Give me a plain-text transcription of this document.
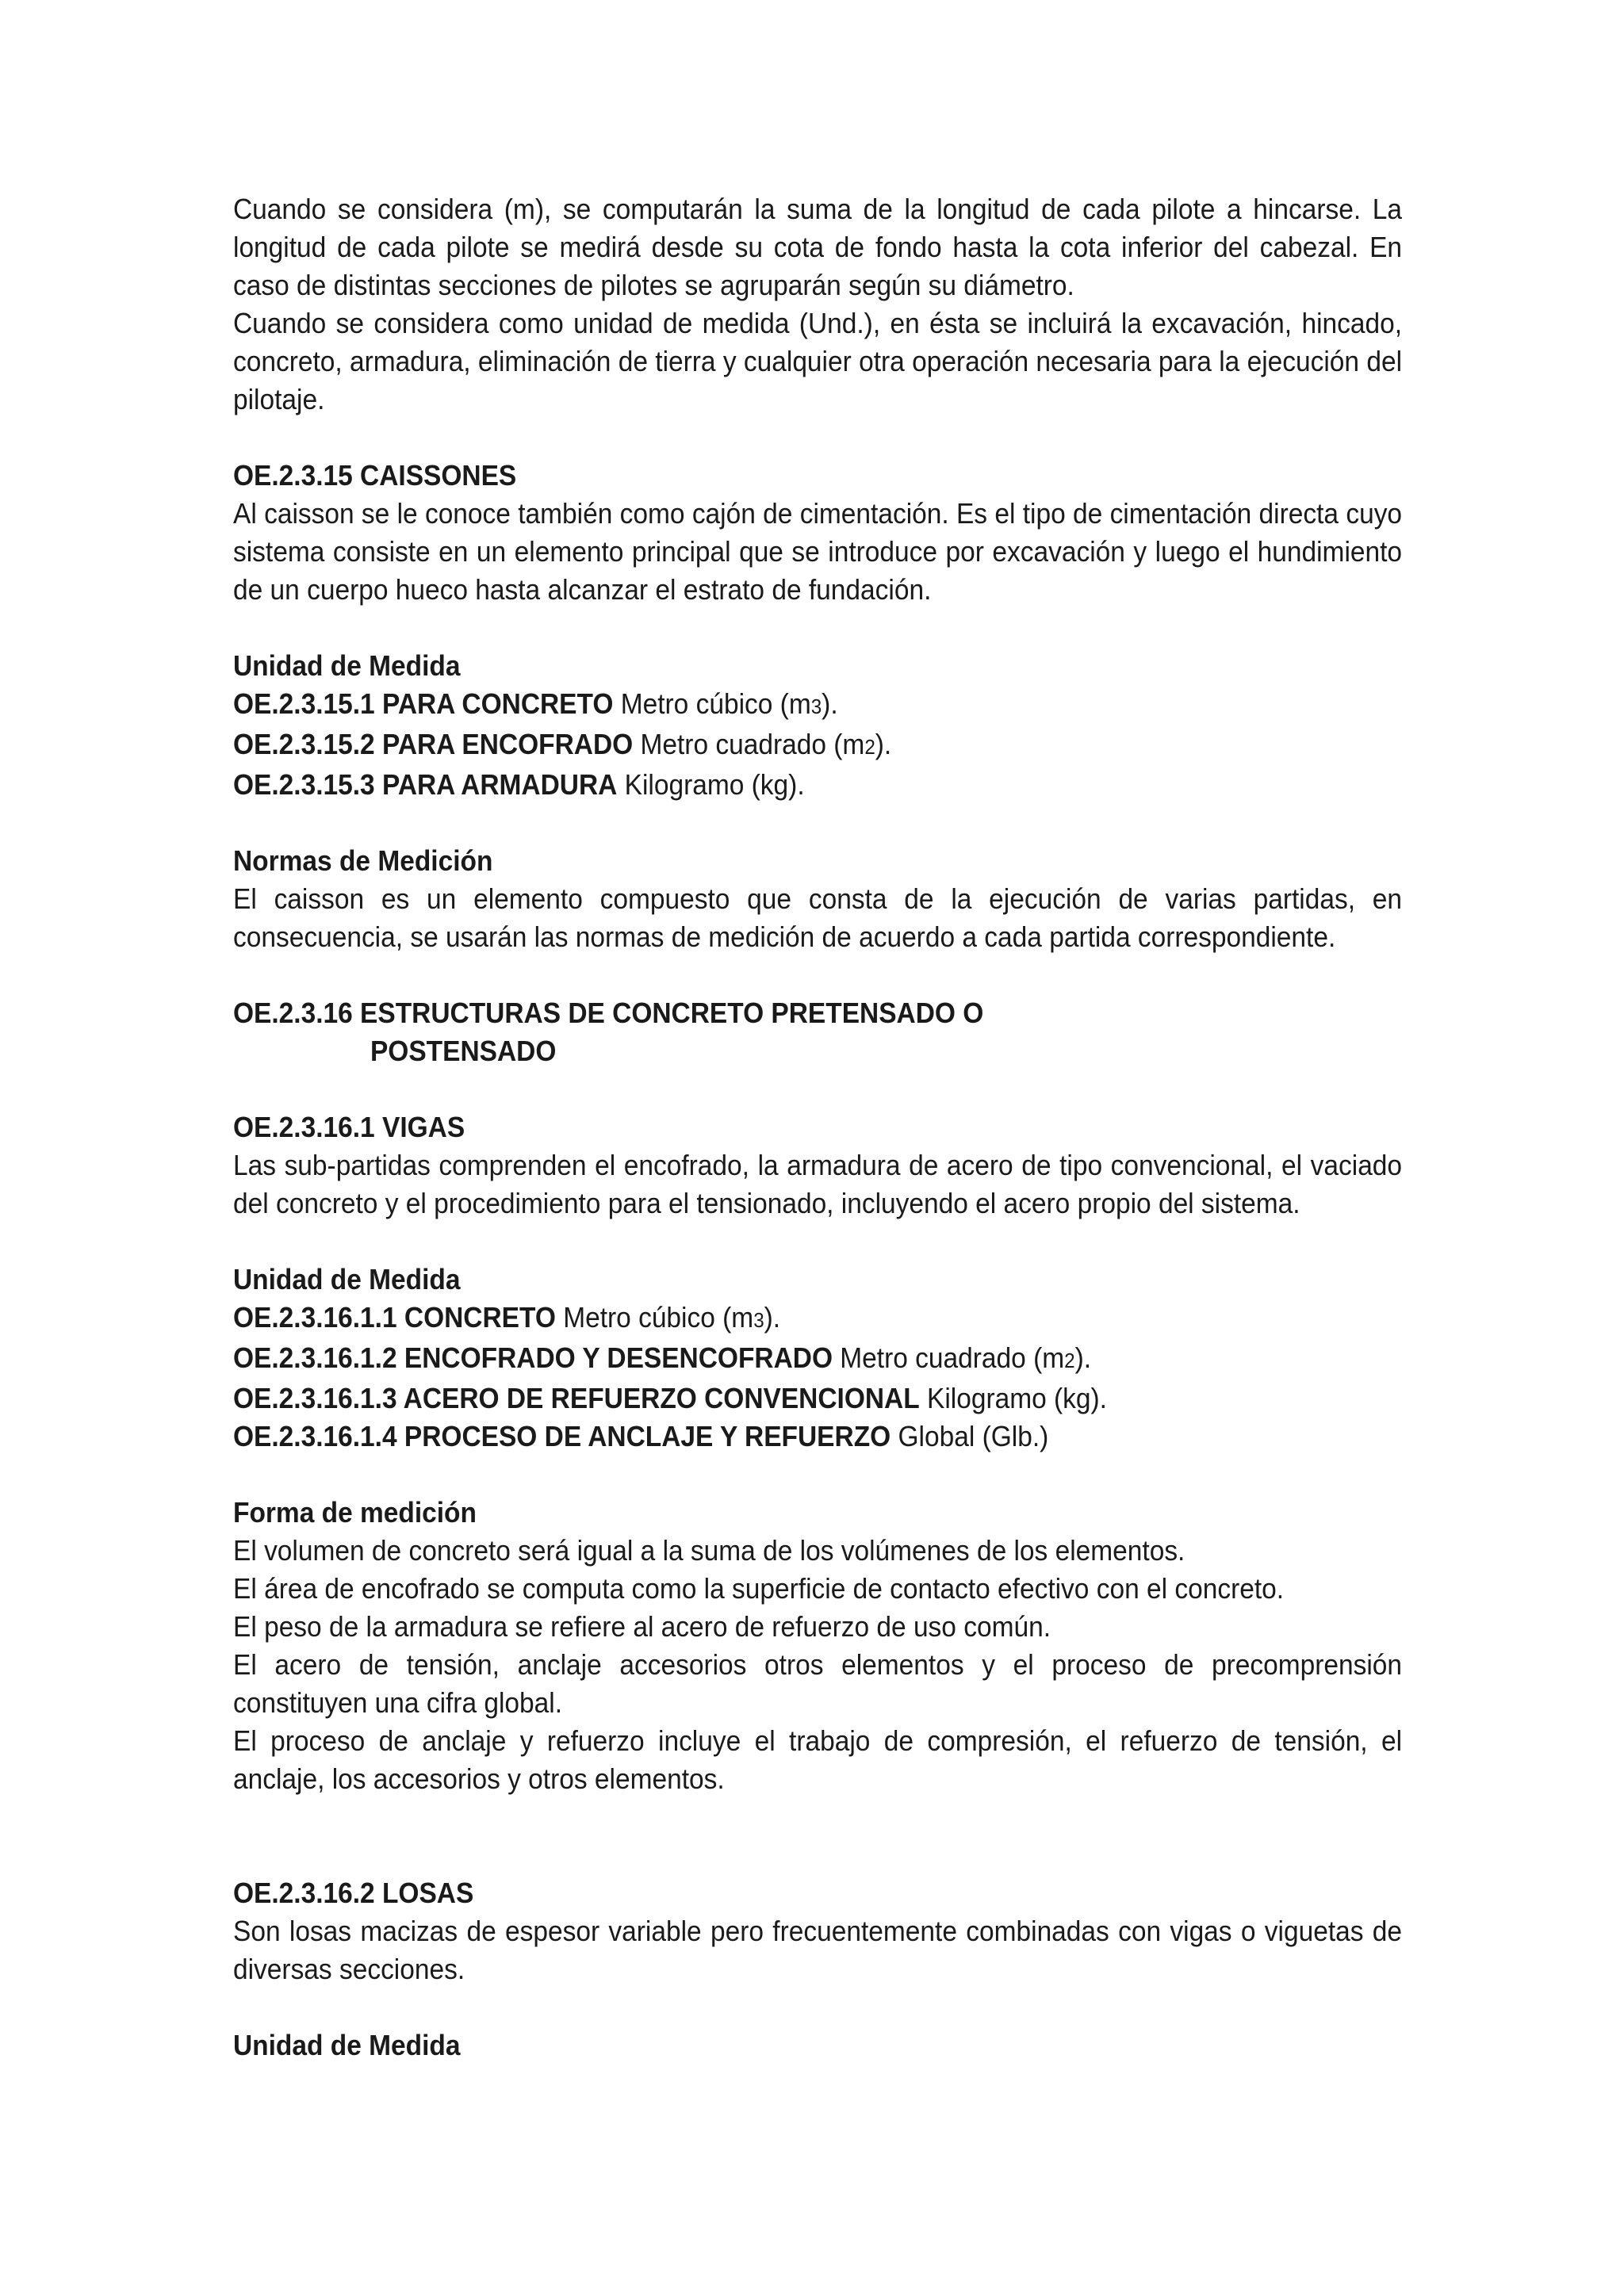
Cuando se considera (m), se computarán la suma de la longitud de cada pilote a hincarse. La longitud de cada pilote se medirá desde su cota de fondo hasta la cota inferior del cabezal. En caso de distintas secciones de pilotes se agruparán según su diámetro.

Cuando se considera como unidad de medida (Und.), en ésta se incluirá la excavación, hincado, concreto, armadura, eliminación de tierra y cualquier otra operación necesaria para la ejecución del pilotaje.

OE.2.3.15 CAISSONES

Al caisson se le conoce también como cajón de cimentación. Es el tipo de cimentación directa cuyo sistema consiste en un elemento principal que se introduce por excavación y luego el hundimiento de un cuerpo hueco hasta alcanzar el estrato de fundación.

Unidad de Medida

OE.2.3.15.1 PARA CONCRETO Metro cúbico (m3).

OE.2.3.15.2 PARA ENCOFRADO Metro cuadrado (m2).

OE.2.3.15.3 PARA ARMADURA Kilogramo (kg).

Normas de Medición

El caisson es un elemento compuesto que consta de la ejecución de varias partidas, en consecuencia, se usarán las normas de medición de acuerdo a cada partida correspondiente.

OE.2.3.16 ESTRUCTURAS DE CONCRETO PRETENSADO O

POSTENSADO

OE.2.3.16.1 VIGAS

Las sub-partidas comprenden el encofrado, la armadura de acero de tipo convencional, el vaciado del concreto y el procedimiento para el tensionado, incluyendo el acero propio del sistema.

Unidad de Medida

OE.2.3.16.1.1 CONCRETO Metro cúbico (m3).

OE.2.3.16.1.2 ENCOFRADO Y DESENCOFRADO Metro cuadrado (m2).

OE.2.3.16.1.3 ACERO DE REFUERZO CONVENCIONAL Kilogramo (kg).

OE.2.3.16.1.4 PROCESO DE ANCLAJE Y REFUERZO Global (Glb.)

Forma de medición

El volumen de concreto será igual a la suma de los volúmenes de los elementos.

El área de encofrado se computa como la superficie de contacto efectivo con el concreto.

El peso de la armadura se refiere al acero de refuerzo de uso común.

El acero de tensión, anclaje accesorios otros elementos y el proceso de precomprensión constituyen una cifra global.

El proceso de anclaje y refuerzo incluye el trabajo de compresión, el refuerzo de tensión, el anclaje, los accesorios y otros elementos.

OE.2.3.16.2 LOSAS

Son losas macizas de espesor variable pero frecuentemente combinadas con vigas o viguetas de diversas secciones.

Unidad de Medida
